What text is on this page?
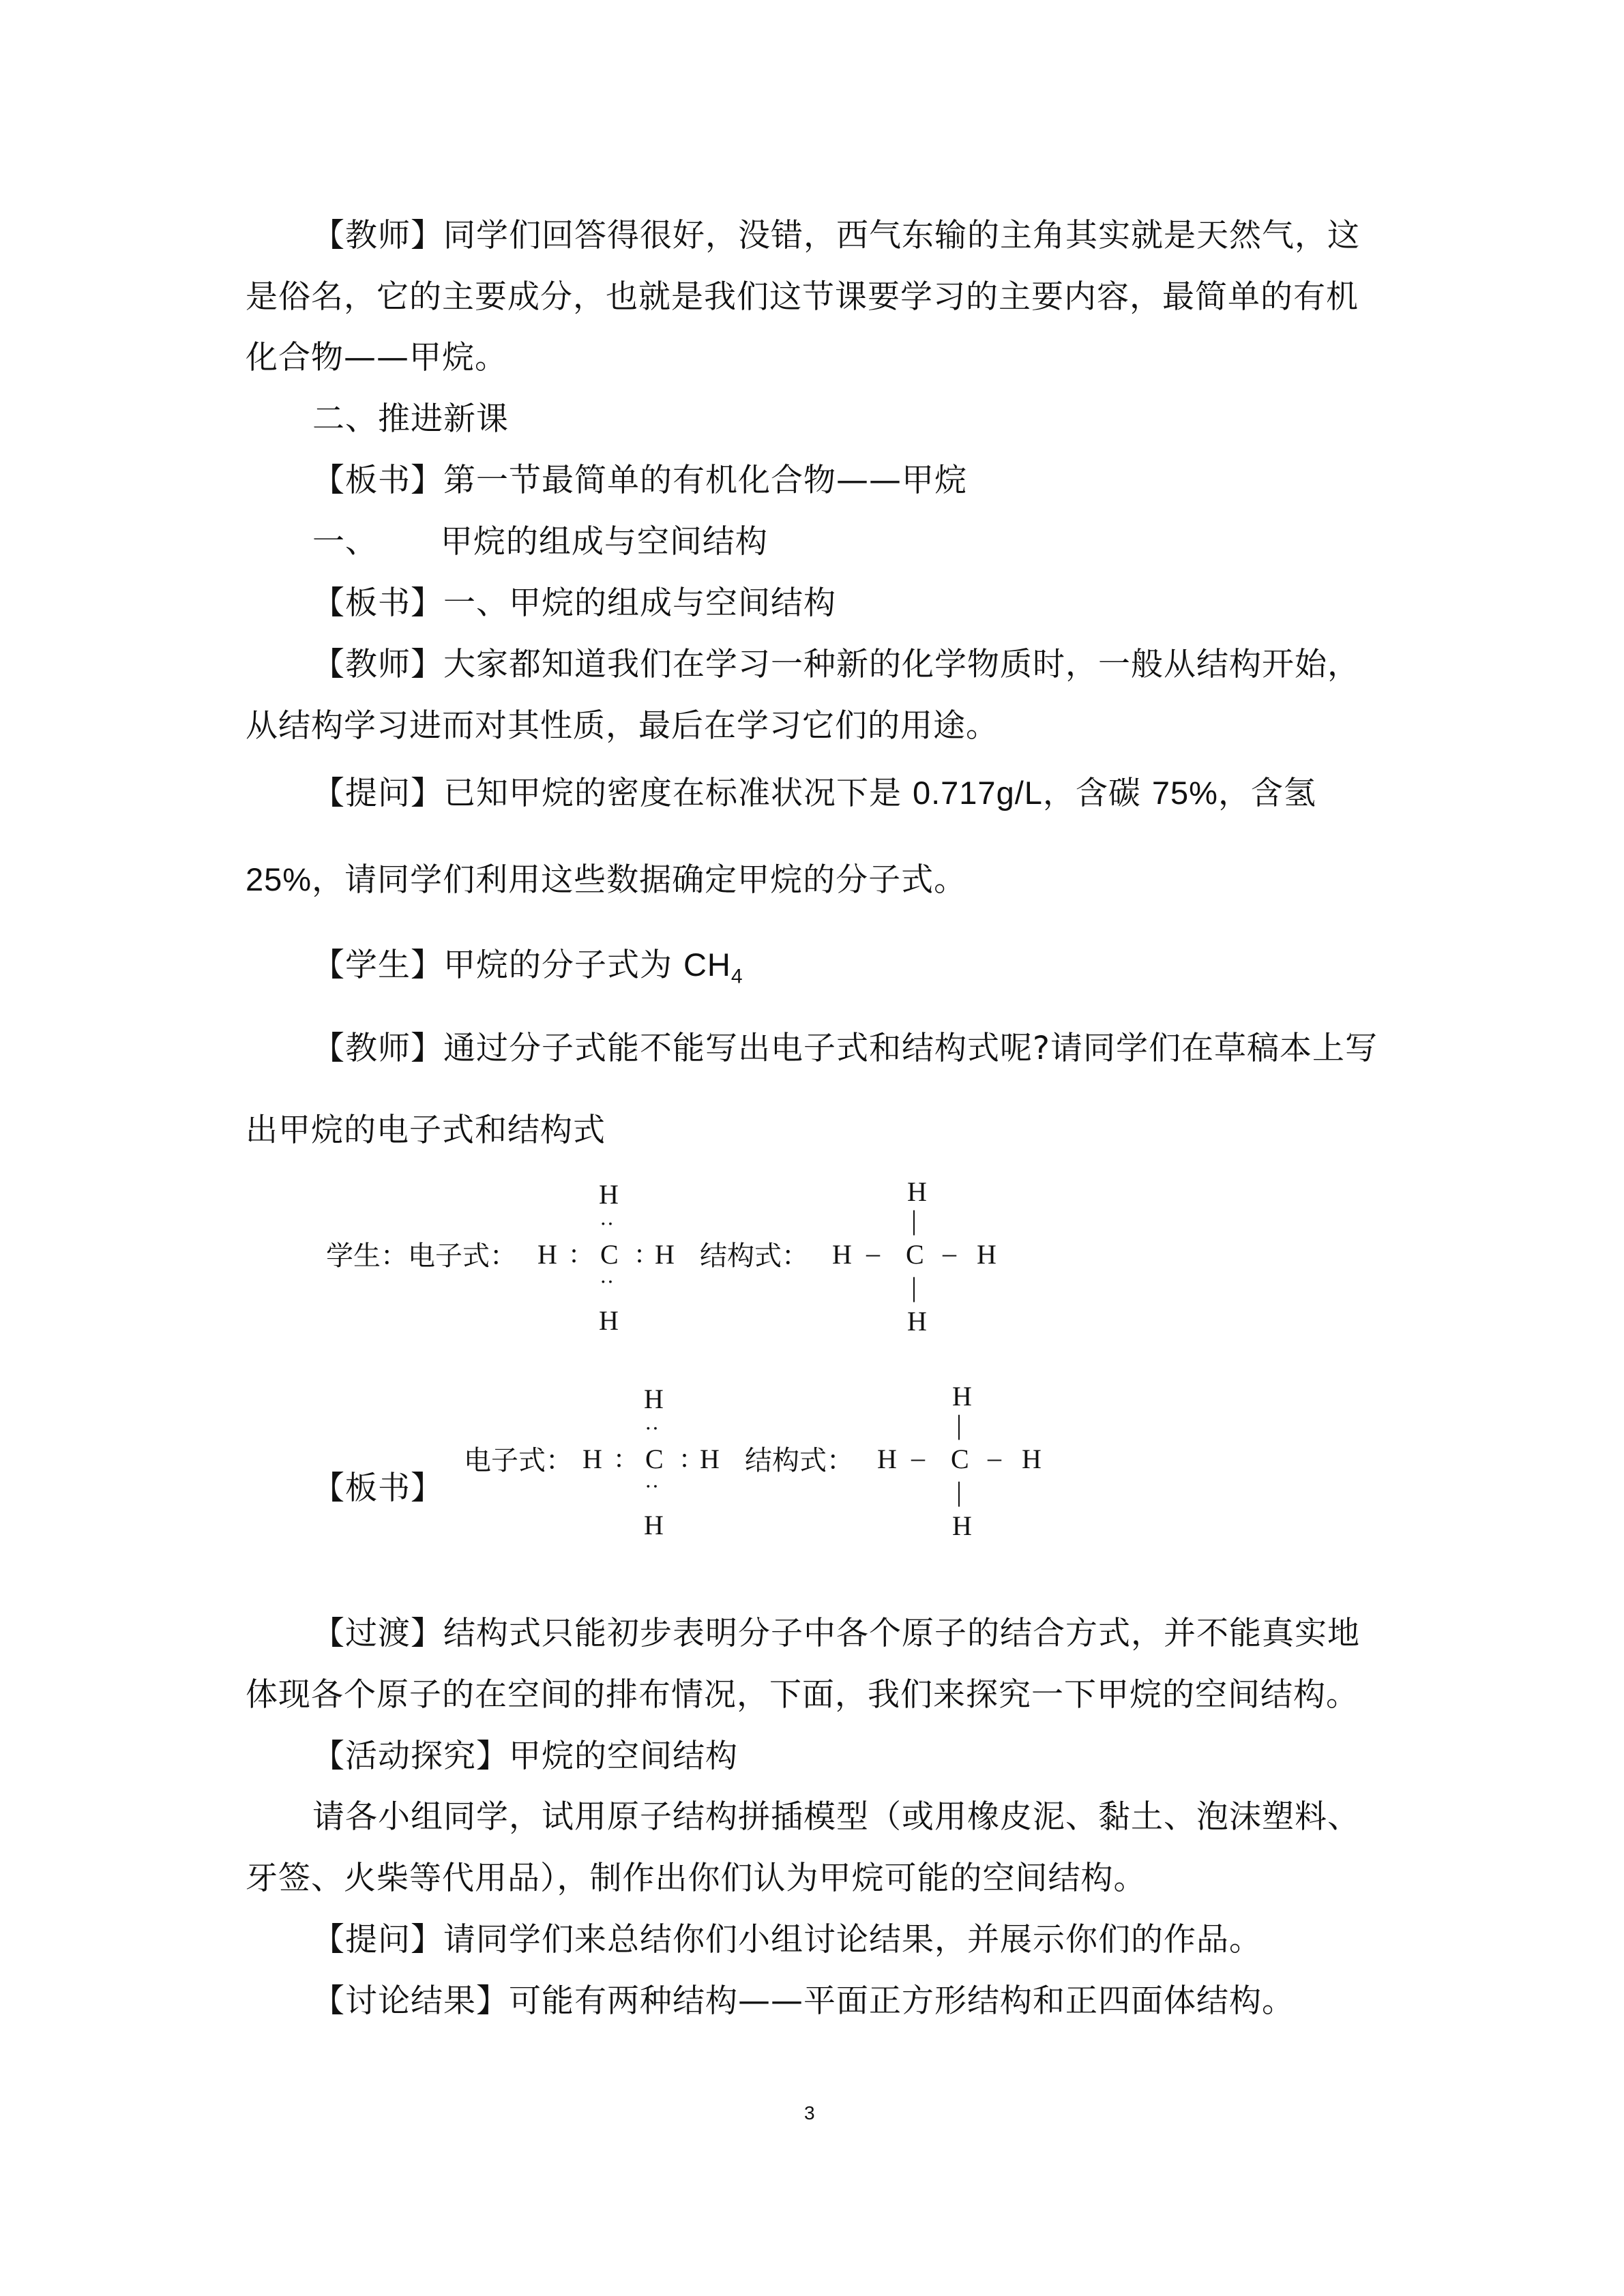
【教师】同学们回答得很好，没错，西气东输的主角其实就是天然气，这
是俗名，它的主要成分，也就是我们这节课要学习的主要内容，最简单的有机
化合物——甲烷。
二、推进新课
【板书】第一节最简单的有机化合物——甲烷
一、 甲烷的组成与空间结构
【板书】一、甲烷的组成与空间结构
【教师】大家都知道我们在学习一种新的化学物质时，一般从结构开始，
从结构学习进而对其性质，最后在学习它们的用途。
【提问】已知甲烷的密度在标准状况下是 0.717g/L，含碳 75%，含氢
25%，请同学们利用这些数据确定甲烷的分子式。
【学生】甲烷的分子式为 $CH_4$
【教师】通过分子式能不能写出电子式和结构式呢?请同学们在草稿本上写
出甲烷的电子式和结构式
学生：电子式： H : C : H
H
··
··
H
结构式： H – C – H
H
|
|
H
【板书】
电子式： H : C : H
H
··
··
H
结构式： H – C – H
H
|
|
H
【过渡】结构式只能初步表明分子中各个原子的结合方式，并不能真实地
体现各个原子的在空间的排布情况，下面，我们来探究一下甲烷的空间结构。
【活动探究】甲烷的空间结构
请各小组同学，试用原子结构拼插模型（或用橡皮泥、黏土、泡沫塑料、
牙签、火柴等代用品），制作出你们认为甲烷可能的空间结构。
【提问】请同学们来总结你们小组讨论结果，并展示你们的作品。
【讨论结果】可能有两种结构——平面正方形结构和正四面体结构。
3
